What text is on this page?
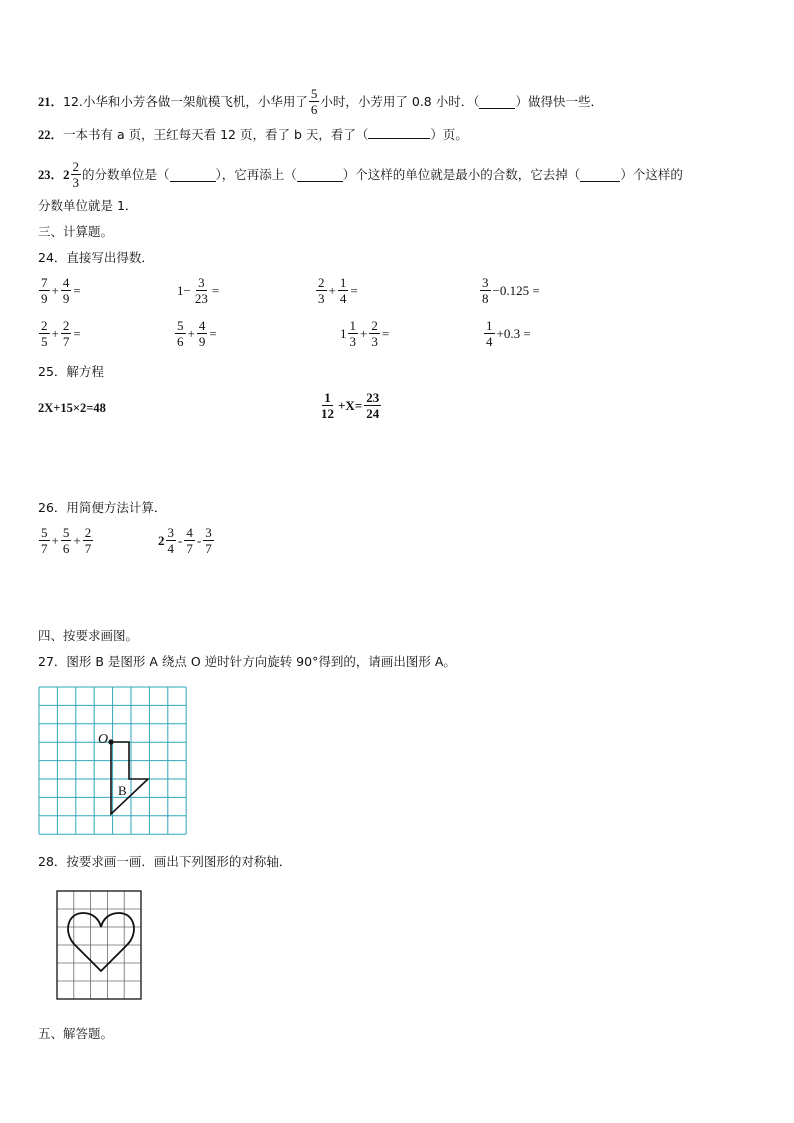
21． 12.小华和小芳各做一架航模飞机，小华用了 $\frac{5}{6}$ 小时，小芳用了 0.8 小时．（	）做得快一些．
22．一本书有 a 页，王红每天看 12 页，看了 b 天，看了（	）页。
23． $2 \frac{2}{3}$ 的分数单位是（	），它再添上（	）个这样的单位就是最小的合数，它去掉（	）个这样的
分数单位就是 1．
三、计算题。
24．直接写出得数．
$\frac{7}{9} + \frac{4}{9}$ =	$1- \frac{3}{23}$ =	$\frac{2}{3} + \frac{1}{4}$ =	$\frac{3}{8} -0.125$ =
$\frac{2}{5} + \frac{2}{7}$ =	$\frac{5}{6} + \frac{4}{9}$ =	$1 \frac{1}{3} + \frac{2}{3}$ =	$\frac{1}{4} +0.3$ =
25．解方程
2X+15×2=48	$\frac{1}{12} +X= \frac{23}{24}$
26．用简便方法计算．
$\frac{5}{7} + \frac{5}{6} + \frac{2}{7}$	$2 \frac{3}{4} - \frac{4}{7} - \frac{3}{7}$
四、按要求画图。
27．图形 B 是图形 A 绕点 O 逆时针方向旋转 90°得到的，请画出图形 A。
O
B
28．按要求画一画．画出下列图形的对称轴．
五、解答题。
